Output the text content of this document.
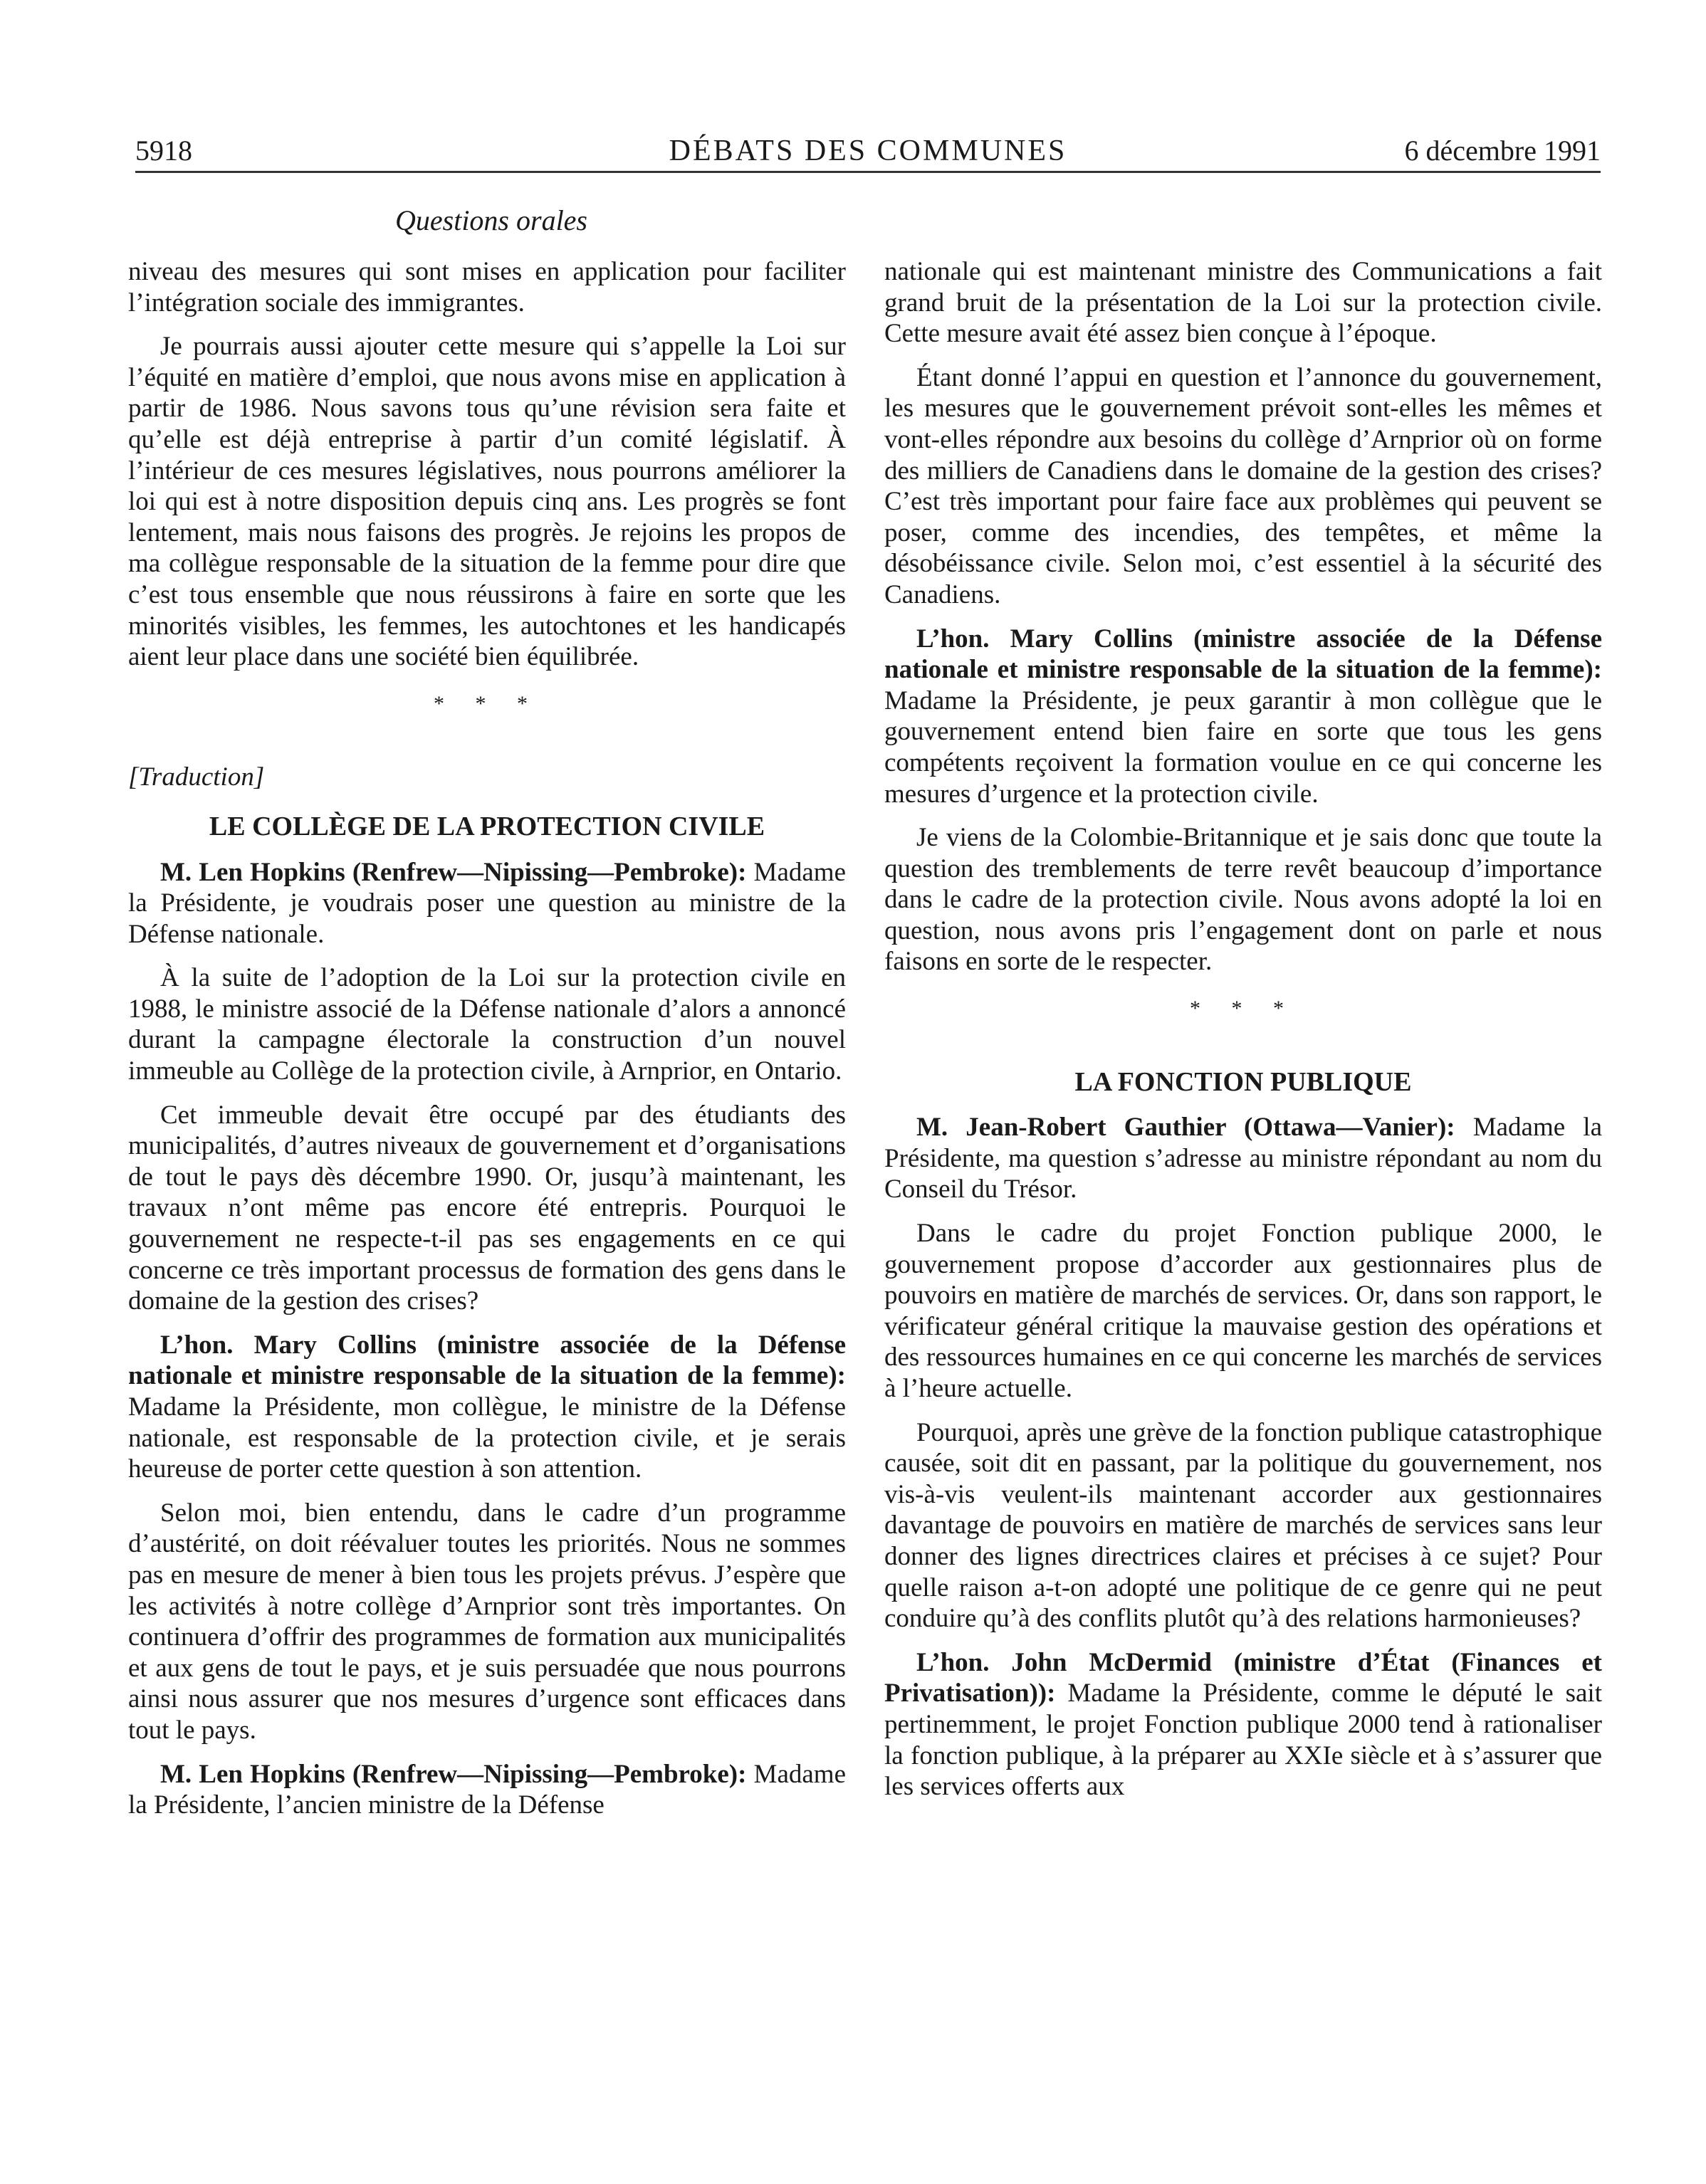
5918	DÉBATS DES COMMUNES	6 décembre 1991
Questions orales

niveau des mesures qui sont mises en application pour faciliter l’intégration sociale des immigrantes.

Je pourrais aussi ajouter cette mesure qui s’appelle la Loi sur l’équité en matière d’emploi, que nous avons mise en application à partir de 1986. Nous savons tous qu’une révision sera faite et qu’elle est déjà entreprise à partir d’un comité législatif. À l’intérieur de ces mesures législatives, nous pourrons améliorer la loi qui est à notre disposition depuis cinq ans. Les progrès se font lentement, mais nous faisons des progrès. Je rejoins les propos de ma collègue responsable de la situation de la femme pour dire que c’est tous ensemble que nous réussirons à faire en sorte que les minorités visibles, les femmes, les autochtones et les handicapés aient leur place dans une société bien équilibrée.

* * *
[Traduction]
LE COLLÈGE DE LA PROTECTION CIVILE

M. Len Hopkins (Renfrew—Nipissing—Pembroke): Madame la Présidente, je voudrais poser une question au ministre de la Défense nationale.

À la suite de l’adoption de la Loi sur la protection civile en 1988, le ministre associé de la Défense nationale d’alors a annoncé durant la campagne électorale la construction d’un nouvel immeuble au Collège de la protection civile, à Arnprior, en Ontario.

Cet immeuble devait être occupé par des étudiants des municipalités, d’autres niveaux de gouvernement et d’organisations de tout le pays dès décembre 1990. Or, jusqu’à maintenant, les travaux n’ont même pas encore été entrepris. Pourquoi le gouvernement ne respecte-t-il pas ses engagements en ce qui concerne ce très important processus de formation des gens dans le domaine de la gestion des crises?

L’hon. Mary Collins (ministre associée de la Défense nationale et ministre responsable de la situation de la femme): Madame la Présidente, mon collègue, le ministre de la Défense nationale, est responsable de la protection civile, et je serais heureuse de porter cette question à son attention.

Selon moi, bien entendu, dans le cadre d’un programme d’austérité, on doit réévaluer toutes les priorités. Nous ne sommes pas en mesure de mener à bien tous les projets prévus. J’espère que les activités à notre collège d’Arnprior sont très importantes. On continuera d’offrir des programmes de formation aux municipalités et aux gens de tout le pays, et je suis persuadée que nous pourrons ainsi nous assurer que nos mesures d’urgence sont efficaces dans tout le pays.

M. Len Hopkins (Renfrew—Nipissing—Pembroke): Madame la Présidente, l’ancien ministre de la Défense

nationale qui est maintenant ministre des Communications a fait grand bruit de la présentation de la Loi sur la protection civile. Cette mesure avait été assez bien conçue à l’époque.

Étant donné l’appui en question et l’annonce du gouvernement, les mesures que le gouvernement prévoit sont-elles les mêmes et vont-elles répondre aux besoins du collège d’Arnprior où on forme des milliers de Canadiens dans le domaine de la gestion des crises? C’est très important pour faire face aux problèmes qui peuvent se poser, comme des incendies, des tempêtes, et même la désobéissance civile. Selon moi, c’est essentiel à la sécurité des Canadiens.

L’hon. Mary Collins (ministre associée de la Défense nationale et ministre responsable de la situation de la femme): Madame la Présidente, je peux garantir à mon collègue que le gouvernement entend bien faire en sorte que tous les gens compétents reçoivent la formation voulue en ce qui concerne les mesures d’urgence et la protection civile.

Je viens de la Colombie-Britannique et je sais donc que toute la question des tremblements de terre revêt beaucoup d’importance dans le cadre de la protection civile. Nous avons adopté la loi en question, nous avons pris l’engagement dont on parle et nous faisons en sorte de le respecter.

* * *
LA FONCTION PUBLIQUE

M. Jean-Robert Gauthier (Ottawa—Vanier): Madame la Présidente, ma question s’adresse au ministre répondant au nom du Conseil du Trésor.

Dans le cadre du projet Fonction publique 2000, le gouvernement propose d’accorder aux gestionnaires plus de pouvoirs en matière de marchés de services. Or, dans son rapport, le vérificateur général critique la mauvaise gestion des opérations et des ressources humaines en ce qui concerne les marchés de services à l’heure actuelle.

Pourquoi, après une grève de la fonction publique catastrophique causée, soit dit en passant, par la politique du gouvernement, nos vis-à-vis veulent-ils maintenant accorder aux gestionnaires davantage de pouvoirs en matière de marchés de services sans leur donner des lignes directrices claires et précises à ce sujet? Pour quelle raison a-t-on adopté une politique de ce genre qui ne peut conduire qu’à des conflits plutôt qu’à des relations harmonieuses?

L’hon. John McDermid (ministre d’État (Finances et Privatisation)): Madame la Présidente, comme le député le sait pertinemment, le projet Fonction publique 2000 tend à rationaliser la fonction publique, à la préparer au XXIe siècle et à s’assurer que les services offerts aux
